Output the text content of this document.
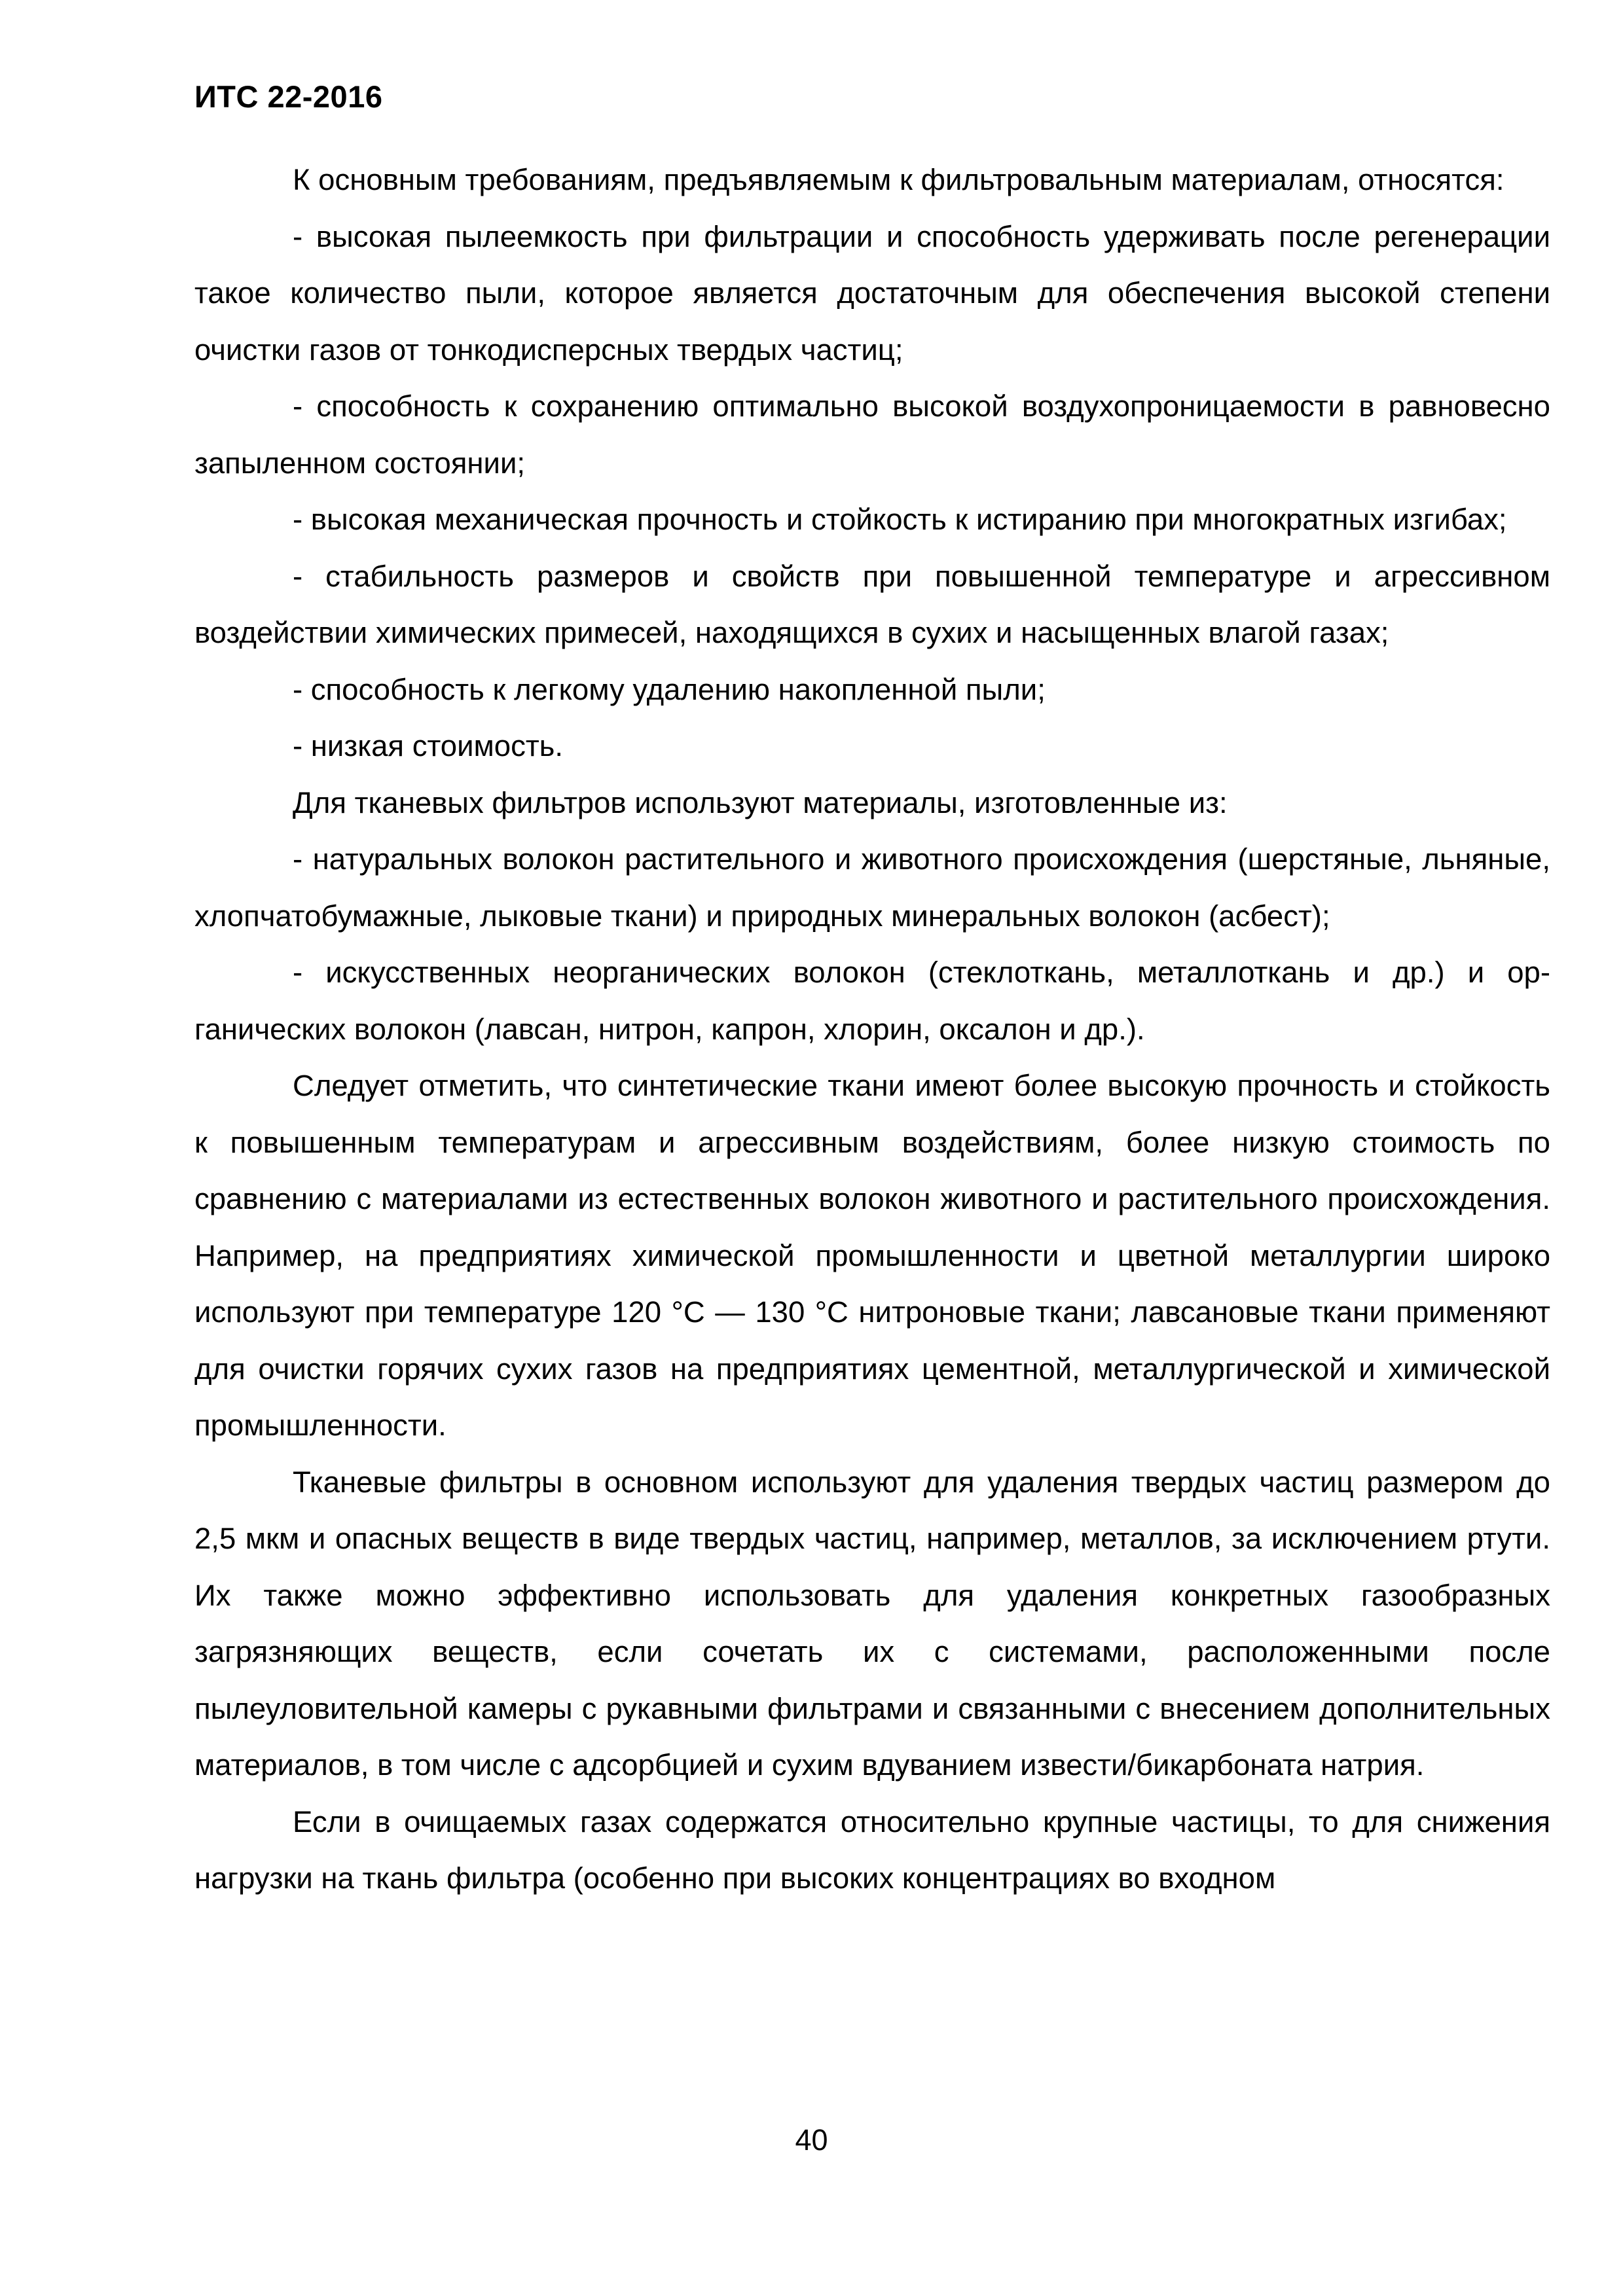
ИТС 22-2016

К основным требованиям, предъявляемым к фильтровальным материалам, относятся:

- высокая пылеемкость при фильтрации и способность удерживать после регенерации такое количество пыли, которое является достаточным для обеспечения высокой степени очистки газов от тонкодисперсных твердых частиц;

- способность к сохранению оптимально высокой воздухопроницаемости в равновесно запыленном состоянии;

- высокая механическая прочность и стойкость к истиранию при многократных изгибах;

- стабильность размеров и свойств при повышенной температуре и агрессивном воздействии химических примесей, находящихся в сухих и насыщенных влагой газах;

- способность к легкому удалению накопленной пыли;

- низкая стоимость.

Для тканевых фильтров используют материалы, изготовленные из:

- натуральных волокон растительного и животного происхождения (шерстяные, льняные, хлопчатобумажные, лыковые ткани) и природных минеральных волокон (асбест);

- искусственных неорганических волокон (стеклоткань, металлоткань и др.) и органических волокон (лавсан, нитрон, капрон, хлорин, оксалон и др.).

Следует отметить, что синтетические ткани имеют более высокую прочность и стойкость к повышенным температурам и агрессивным воздействиям, более низкую стоимость по сравнению с материалами из естественных волокон животного и растительного происхождения. Например, на предприятиях химической промышленности и цветной металлургии широко используют при температуре 120 °С — 130 °С нитроновые ткани; лавсановые ткани применяют для очистки горячих сухих газов на предприятиях цементной, металлургической и химической промышленности.

Тканевые фильтры в основном используют для удаления твердых частиц размером до 2,5 мкм и опасных веществ в виде твердых частиц, например, металлов, за исключением ртути. Их также можно эффективно использовать для удаления конкретных газообразных загрязняющих веществ, если сочетать их с системами, расположенными после пылеуловительной камеры с рукавными фильтрами и связанными с внесением дополнительных материалов, в том числе с адсорбцией и сухим вдуванием извести/бикарбоната натрия.

Если в очищаемых газах содержатся относительно крупные частицы, то для снижения нагрузки на ткань фильтра (особенно при высоких концентрациях во входном

40
